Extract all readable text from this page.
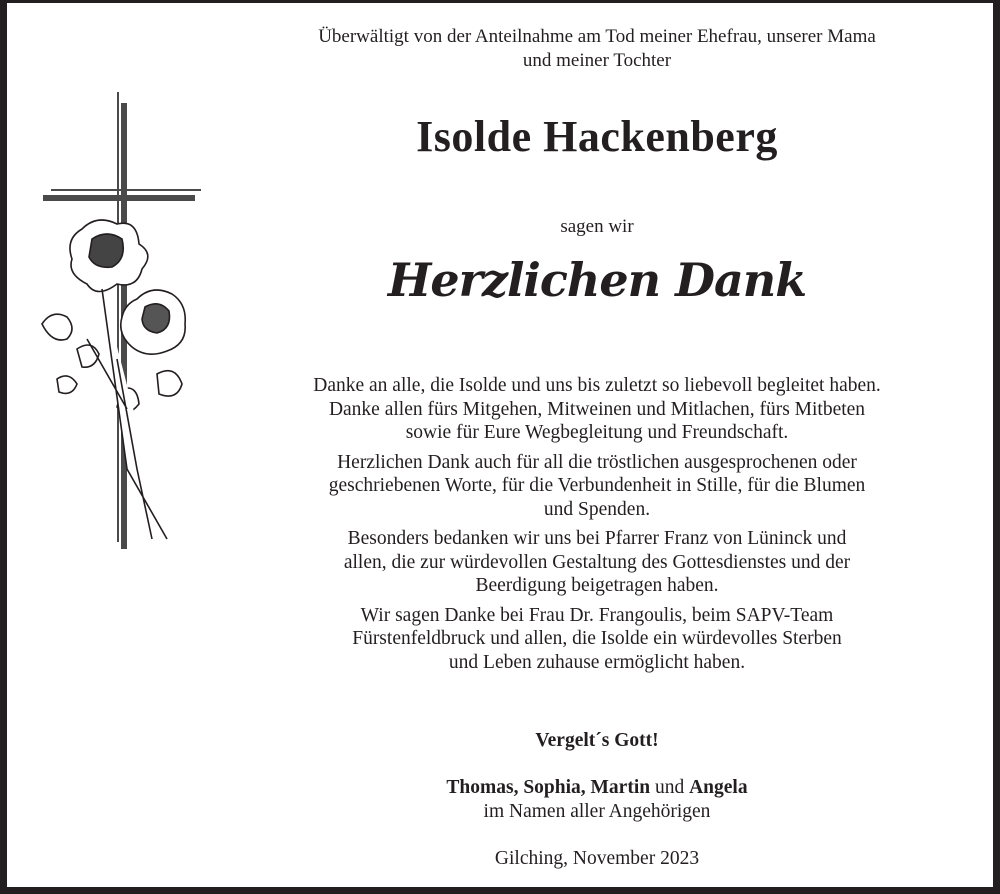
Überwältigt von der Anteilnahme am Tod meiner Ehefrau, unserer Mama
und meiner Tochter
Isolde Hackenberg
sagen wir
Herzlichen Dank
Danke an alle, die Isolde und uns bis zuletzt so liebevoll begleitet haben.
Danke allen fürs Mitgehen, Mitweinen und Mitlachen, fürs Mitbeten
sowie für Eure Wegbegleitung und Freundschaft.
Herzlichen Dank auch für all die tröstlichen ausgesprochenen oder
geschriebenen Worte, für die Verbundenheit in Stille, für die Blumen
und Spenden.
Besonders bedanken wir uns bei Pfarrer Franz von Lüninck und
allen, die zur würdevollen Gestaltung des Gottesdienstes und der
Beerdigung beigetragen haben.
Wir sagen Danke bei Frau Dr. Frangoulis, beim SAPV-Team
Fürstenfeldbruck und allen, die Isolde ein würdevolles Sterben
und Leben zuhause ermöglicht haben.
Vergelt´s Gott!
Thomas, Sophia, Martin und Angela
im Namen aller Angehörigen
Gilching, November 2023
